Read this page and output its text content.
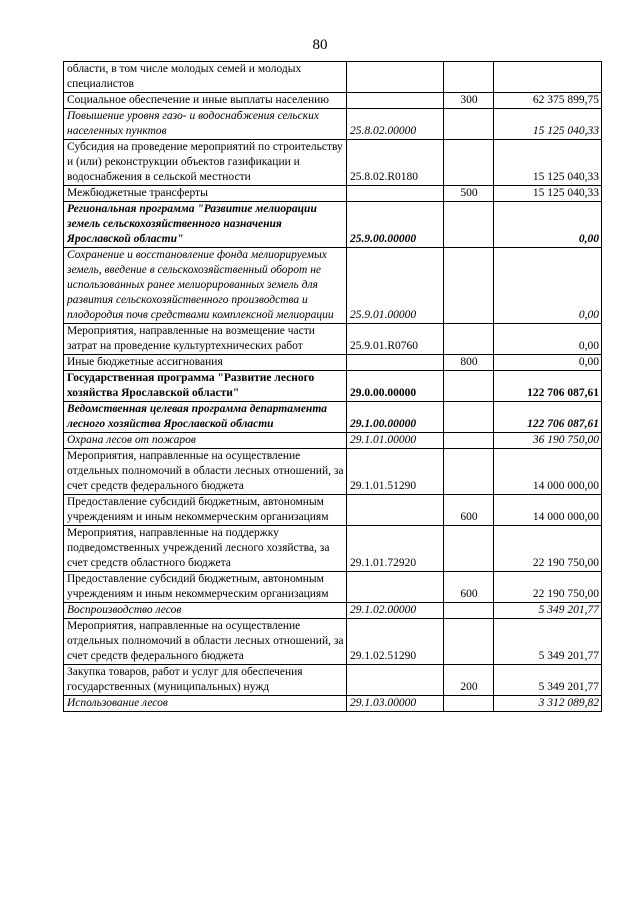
80
области, в том числе молодых семей и молодых специалистов			
Социальное обеспечение и иные выплаты населению		300	62 375 899,75
Повышение уровня газо- и водоснабжения сельских населенных пунктов	25.8.02.00000		15 125 040,33
Субсидия на проведение мероприятий по строительству и (или) реконструкции объектов газификации и водоснабжения в сельской местности	25.8.02.R0180		15 125 040,33
Межбюджетные трансферты		500	15 125 040,33
Региональная программа "Развитие мелиорации земель сельскохозяйственного назначения Ярославской области"	25.9.00.00000		0,00
Сохранение и восстановление фонда мелиорируемых земель, введение в сельскохозяйственный оборот не использованных ранее мелиорированных земель для развития сельскохозяйственного производства и плодородия почв средствами комплексной мелиорации	25.9.01.00000		0,00
Мероприятия, направленные на возмещение части затрат на проведение культуртехнических работ	25.9.01.R0760		0,00
Иные бюджетные ассигнования		800	0,00
Государственная программа "Развитие лесного хозяйства Ярославской области"	29.0.00.00000		122 706 087,61
Ведомственная целевая программа департамента лесного хозяйства Ярославской области	29.1.00.00000		122 706 087,61
Охрана лесов от пожаров	29.1.01.00000		36 190 750,00
Мероприятия, направленные на осуществление отдельных полномочий в области лесных отношений, за счет средств федерального бюджета	29.1.01.51290		14 000 000,00
Предоставление субсидий бюджетным, автономным учреждениям и иным некоммерческим организациям		600	14 000 000,00
Мероприятия, направленные на поддержку подведомственных учреждений лесного хозяйства, за счет средств областного бюджета	29.1.01.72920		22 190 750,00
Предоставление субсидий бюджетным, автономным учреждениям и иным некоммерческим организациям		600	22 190 750,00
Воспроизводство лесов	29.1.02.00000		5 349 201,77
Мероприятия, направленные на осуществление отдельных полномочий в области лесных отношений, за счет средств федерального бюджета	29.1.02.51290		5 349 201,77
Закупка товаров, работ и услуг для обеспечения государственных (муниципальных) нужд		200	5 349 201,77
Использование лесов	29.1.03.00000		3 312 089,82
